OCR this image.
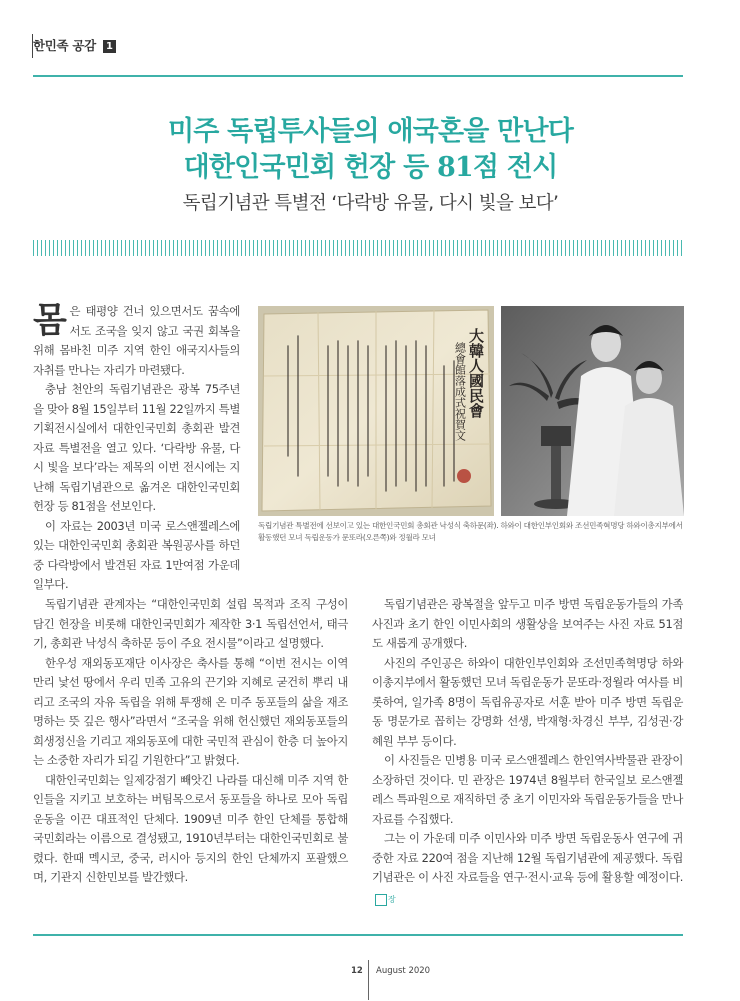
한민족 공감 1
미주 독립투사들의 애국혼을 만난다
대한인국민회 헌장 등 81점 전시
독립기념관 특별전 ‘다락방 유물, 다시 빛을 보다’

몸은 태평양 건너 있으면서도 꿈속에서도 조국을 잊지 않고 국권 회복을 위해 몸바친 미주 지역 한인 애국지사들의 자취를 만나는 자리가 마련됐다.

충남 천안의 독립기념관은 광복 75주년을 맞아 8월 15일부터 11월 22일까지 특별기획전시실에서 대한인국민회 총회관 발견 자료 특별전을 열고 있다. ‘다락방 유물, 다시 빛을 보다’라는 제목의 이번 전시에는 지난해 독립기념관으로 옮겨온 대한인국민회 헌장 등 81점을 선보인다.

이 자료는 2003년 미국 로스앤젤레스에 있는 대한인국민회 총회관 복원공사를 하던 중 다락방에서 발견된 자료 1만여점 가운데 일부다.

大韓人國民會
總會館落成式祝賀文
독립기념관 특별전에 선보이고 있는 대한인국민회 총회관 낙성식 축하문(좌). 하와이 대한인부인회와 조선민족혁명당 하와이총지부에서 활동했던 모녀 독립운동가 문또라(오른쪽)와 정월라 모녀

독립기념관 관계자는 “대한인국민회 설립 목적과 조직 구성이 담긴 헌장을 비롯해 대한인국민회가 제작한 3·1 독립선언서, 태극기, 총회관 낙성식 축하문 등이 주요 전시물”이라고 설명했다.

한우성 재외동포재단 이사장은 축사를 통해 “이번 전시는 이역만리 낯선 땅에서 우리 민족 고유의 끈기와 지혜로 굳건히 뿌리 내리고 조국의 자유 독립을 위해 투쟁해 온 미주 동포들의 삶을 재조명하는 뜻 깊은 행사”라면서 “조국을 위해 헌신했던 재외동포들의 희생정신을 기리고 재외동포에 대한 국민적 관심이 한층 더 높아지는 소중한 자리가 되길 기원한다”고 밝혔다.

대한인국민회는 일제강점기 빼앗긴 나라를 대신해 미주 지역 한인들을 지키고 보호하는 버팀목으로서 동포들을 하나로 모아 독립운동을 이끈 대표적인 단체다. 1909년 미주 한인 단체를 통합해 국민회라는 이름으로 결성됐고, 1910년부터는 대한인국민회로 불렸다. 한때 멕시코, 중국, 러시아 등지의 한인 단체까지 포괄했으며, 기관지 신한민보를 발간했다.

독립기념관은 광복절을 앞두고 미주 방면 독립운동가들의 가족사진과 초기 한인 이민사회의 생활상을 보여주는 사진 자료 51점도 새롭게 공개했다.

사진의 주인공은 하와이 대한인부인회와 조선민족혁명당 하와이총지부에서 활동했던 모녀 독립운동가 문또라·정월라 여사를 비롯하여, 일가족 8명이 독립유공자로 서훈 받아 미주 방면 독립운동 명문가로 꼽히는 강명화 선생, 박재형·차경신 부부, 김성권·강혜원 부부 등이다.

이 사진들은 민병용 미국 로스앤젤레스 한인역사박물관 관장이 소장하던 것이다. 민 관장은 1974년 8월부터 한국일보 로스앤젤레스 특파원으로 재직하던 중 초기 이민자와 독립운동가들을 만나 자료를 수집했다.

그는 이 가운데 미주 이민사와 미주 방면 독립운동사 연구에 귀중한 자료 220여 점을 지난해 12월 독립기념관에 제공했다. 독립기념관은 이 사진 자료들을 연구·전시·교육 등에 활용할 예정이다.장

12 August 2020
